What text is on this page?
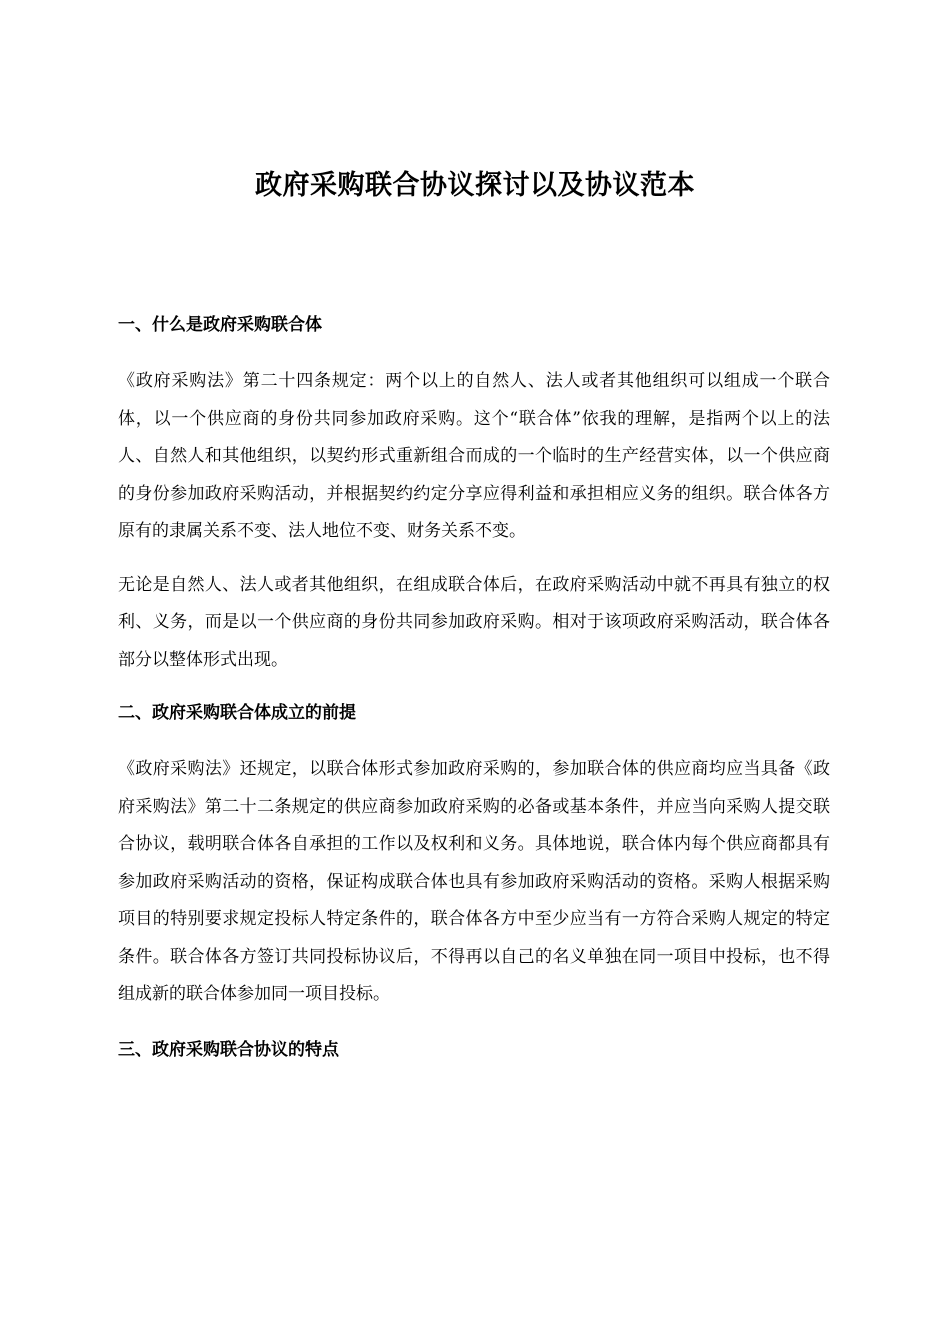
政府采购联合协议探讨以及协议范本

一、什么是政府采购联合体

《政府采购法》第二十四条规定：两个以上的自然人、法人或者其他组织可以组成一个联合体，以一个供应商的身份共同参加政府采购。这个“联合体”依我的理解，是指两个以上的法人、自然人和其他组织，以契约形式重新组合而成的一个临时的生产经营实体，以一个供应商的身份参加政府采购活动，并根据契约约定分享应得利益和承担相应义务的组织。联合体各方原有的隶属关系不变、法人地位不变、财务关系不变。

无论是自然人、法人或者其他组织，在组成联合体后，在政府采购活动中就不再具有独立的权利、义务，而是以一个供应商的身份共同参加政府采购。相对于该项政府采购活动，联合体各部分以整体形式出现。

二、政府采购联合体成立的前提

《政府采购法》还规定，以联合体形式参加政府采购的，参加联合体的供应商均应当具备《政府采购法》第二十二条规定的供应商参加政府采购的必备或基本条件，并应当向采购人提交联合协议，载明联合体各自承担的工作以及权利和义务。具体地说，联合体内每个供应商都具有参加政府采购活动的资格，保证构成联合体也具有参加政府采购活动的资格。采购人根据采购项目的特别要求规定投标人特定条件的，联合体各方中至少应当有一方符合采购人规定的特定条件。联合体各方签订共同投标协议后，不得再以自己的名义单独在同一项目中投标，也不得组成新的联合体参加同一项目投标。

三、政府采购联合协议的特点
